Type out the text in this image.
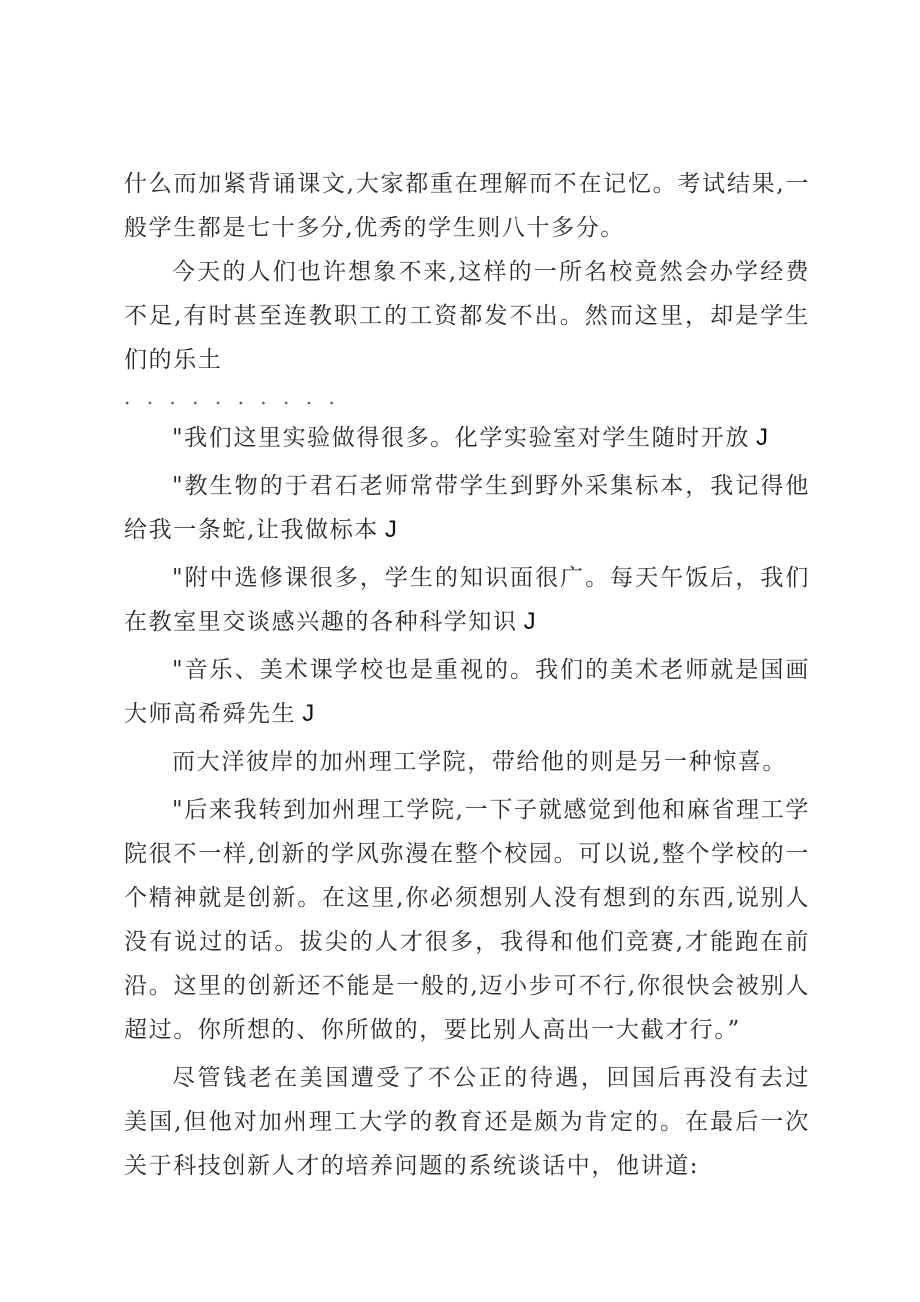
什么而加紧背诵课文,大家都重在理解而不在记忆。考试结果,一般学生都是七十多分,优秀的学生则八十多分。

今天的人们也许想象不来,这样的一所名校竟然会办学经费不足,有时甚至连教职工的工资都发不出。然而这里，却是学生们的乐土

. . . . . . . . . .

"我们这里实验做得很多。化学实验室对学生随时开放 J

"教生物的于君石老师常带学生到野外采集标本，我记得他给我一条蛇,让我做标本 J

"附中选修课很多，学生的知识面很广。每天午饭后，我们在教室里交谈感兴趣的各种科学知识 J

"音乐、美术课学校也是重视的。我们的美术老师就是国画大师高希舜先生 J

而大洋彼岸的加州理工学院，带给他的则是另一种惊喜。

"后来我转到加州理工学院,一下子就感觉到他和麻省理工学院很不一样,创新的学风弥漫在整个校园。可以说,整个学校的一个精神就是创新。在这里,你必须想别人没有想到的东西,说别人没有说过的话。拔尖的人才很多，我得和他们竞赛,才能跑在前沿。这里的创新还不能是一般的,迈小步可不行,你很快会被别人超过。你所想的、你所做的，要比别人高出一大截才行。”

尽管钱老在美国遭受了不公正的待遇，回国后再没有去过美国,但他对加州理工大学的教育还是颇为肯定的。在最后一次关于科技创新人才的培养问题的系统谈话中，他讲道:
